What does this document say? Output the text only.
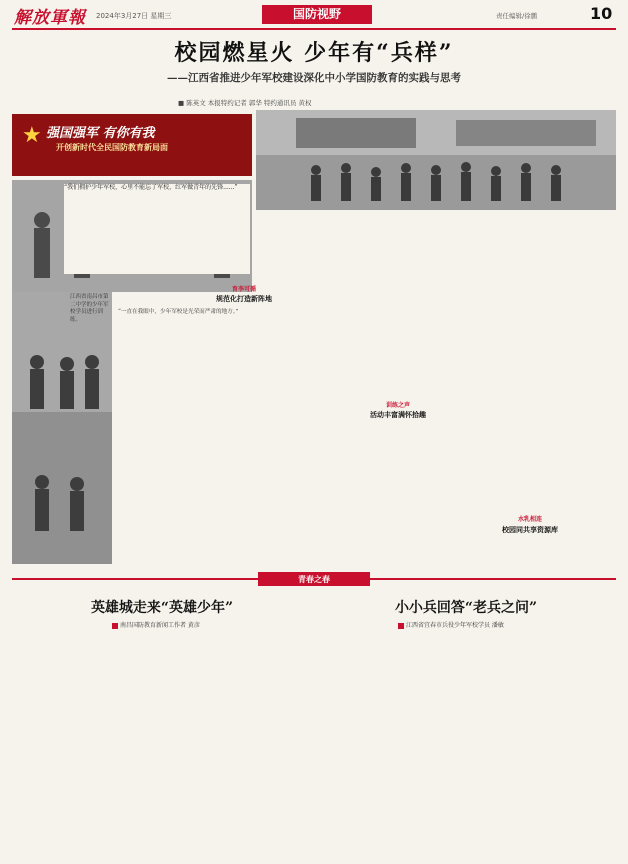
解放軍報 2024年3月27日 星期三	国防视野	责任编辑/徐鹏	10
校园燃星火 少年有“兵样”
——江西省推进少年军校建设深化中小学国防教育的实践与思考
■ 陈英文 本报特约记者 郭华 特约通讯员 黄权
★ 强国强军 有你有我
开创新时代全民国防教育新局面
“我们拥护少年军校，心里不能忘了军校，红军做青年的先锋......”
江西省南昌市第二中学的少年军校学员进行训练。
育李可循
规范化打造新阵地
“一直在我眼中，少年军校是光荣而严肃的地方。”
训练之声
活动丰富满怀拾趣
水乳相连
校园同共享资源库
青春之春
英雄城走来“英雄少年”
南昌国防教育新闻工作者 黄彦
小小兵回答“老兵之问”
江西省宜春市兵役少年军校学员 潘敏
